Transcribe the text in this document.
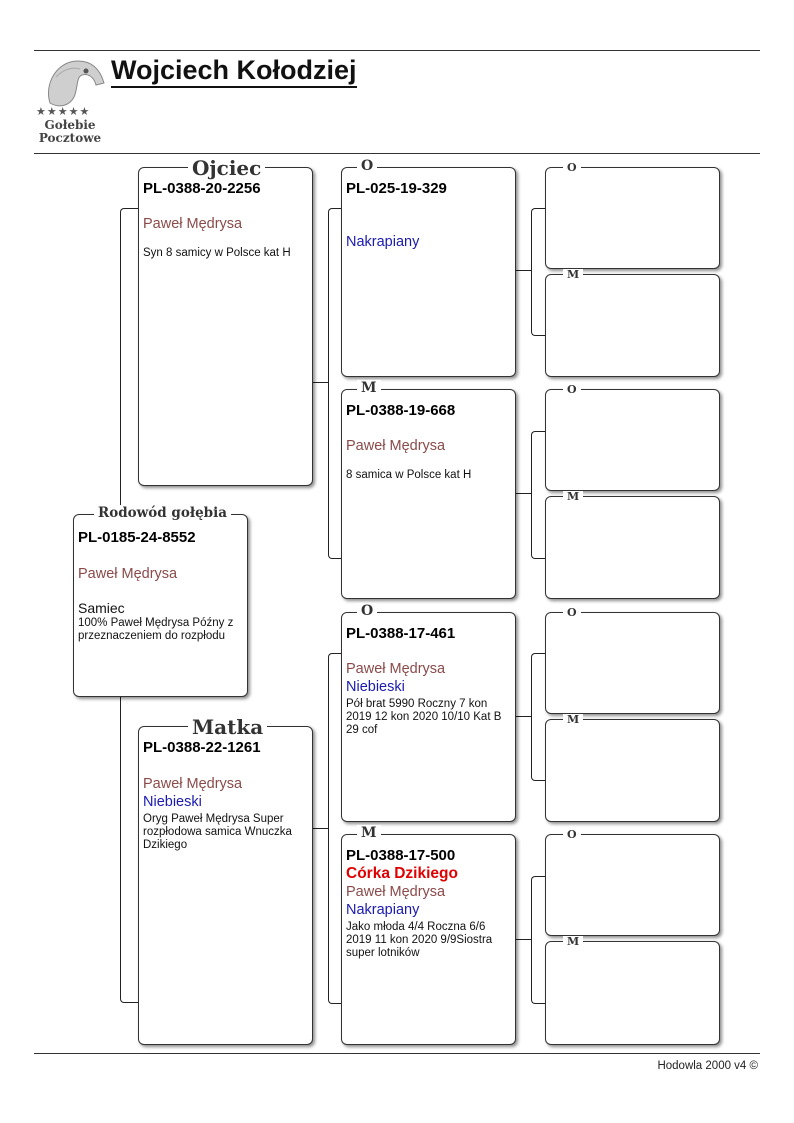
★★★★★
Gołebie
Pocztowe
Wojciech Kołodziej
PL-0185-24-8552
Paweł Mędrysa
Samiec
100% Paweł Mędrysa Późny z przeznaczeniem do rozpłodu
Rodowód gołębia
PL-0388-20-2256
Paweł Mędrysa
Syn 8 samicy w Polsce kat H
Ojciec
PL-0388-22-1261
Paweł Mędrysa
Niebieski
Oryg Paweł Mędrysa Super rozpłodowa samica Wnuczka Dzikiego
Matka
PL-025-19-329
Nakrapiany
O
PL-0388-19-668
Paweł Mędrysa
8 samica w Polsce kat H
M
PL-0388-17-461
Paweł Mędrysa
Niebieski
Pół brat 5990 Roczny 7 kon 2019 12 kon 2020 10/10 Kat B 29 cof
O
PL-0388-17-500
Córka Dzikiego
Paweł Mędrysa
Nakrapiany
Jako młoda 4/4 Roczna 6/6 2019 11 kon 2020 9/9Siostra super lotników
M
O
M
O
M
O
M
O
M
Hodowla 2000 v4 ©
